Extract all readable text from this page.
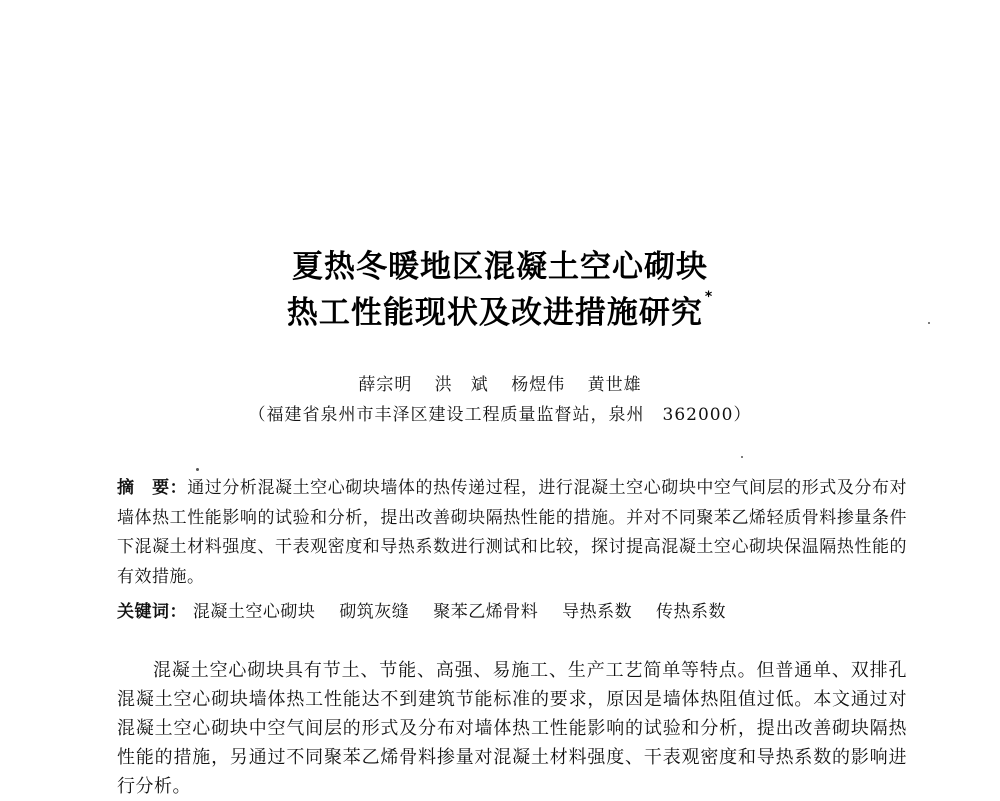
夏热冬暖地区混凝土空心砌块
热工性能现状及改进措施研究 *
薛宗明 洪　斌 杨煜伟 黄世雄
（福建省泉州市丰泽区建设工程质量监督站，泉州　362000）
摘　要：通过分析混凝土空心砌块墙体的热传递过程，进行混凝土空心砌块中空气间层的形式及分布对墙体热工性能影响的试验和分析，提出改善砌块隔热性能的措施。并对不同聚苯乙烯轻质骨料掺量条件下混凝土材料强度、干表观密度和导热系数进行测试和比较，探讨提高混凝土空心砌块保温隔热性能的有效措施。
关键词： 混凝土空心砌块 砌筑灰缝 聚苯乙烯骨料 导热系数 传热系数
混凝土空心砌块具有节土、节能、高强、易施工、生产工艺简单等特点。但普通单、双排孔混凝土空心砌块墙体热工性能达不到建筑节能标准的要求，原因是墙体热阻值过低。本文通过对混凝土空心砌块中空气间层的形式及分布对墙体热工性能影响的试验和分析，提出改善砌块隔热性能的措施，另通过不同聚苯乙烯骨料掺量对混凝土材料强度、干表观密度和导热系数的影响进行分析。
